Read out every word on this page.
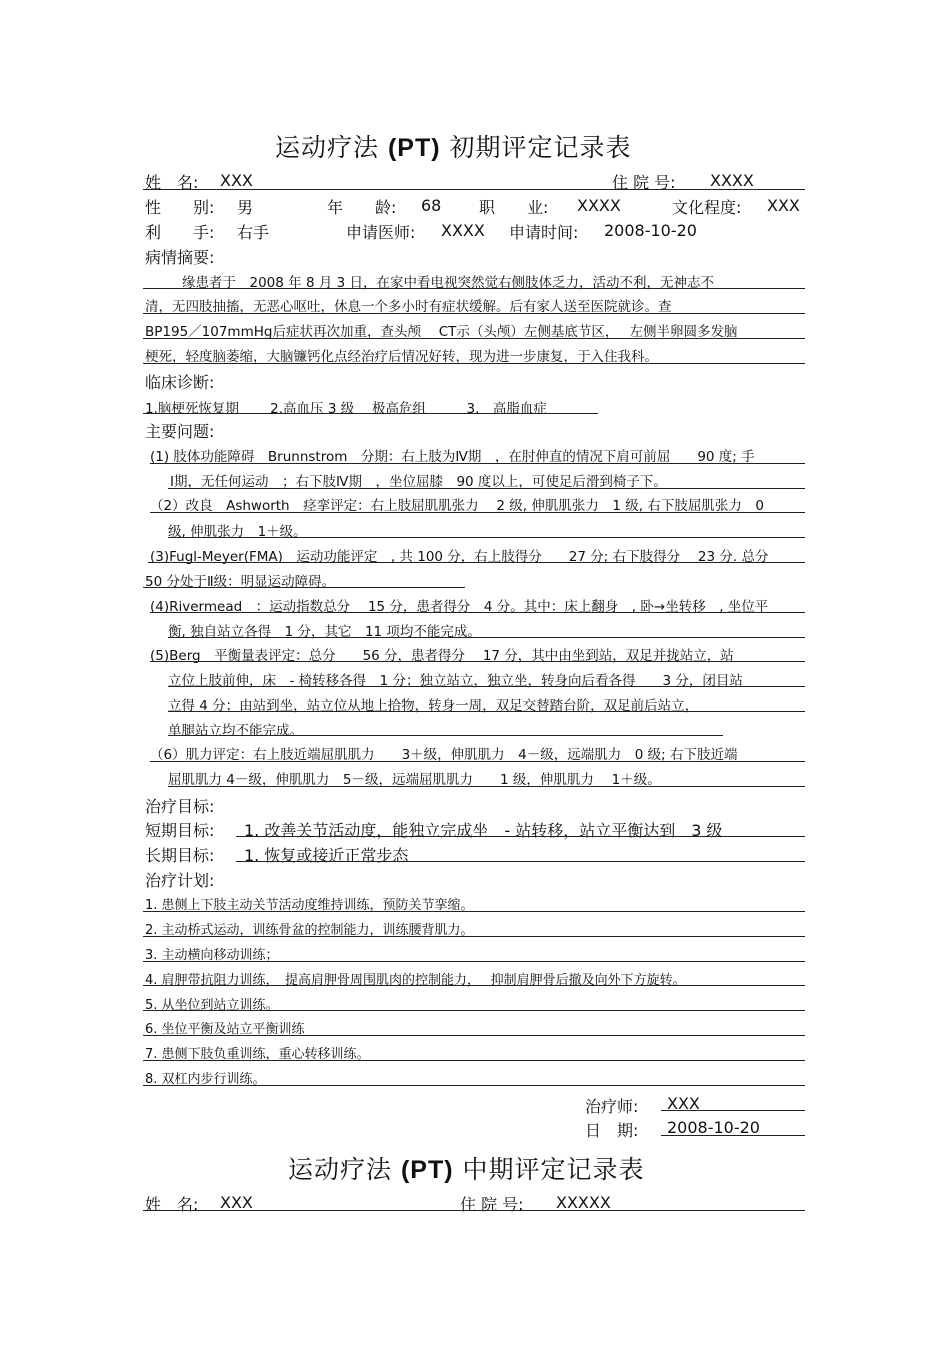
运动疗法 (PT) 初期评定记录表
姓　名: XXX	住 院 号: XXXX
性　　别: 男	年　　龄: 68 职　　业: XXXX	文化程度: XXX
利　　手: 右手	申请医师: XXXX 申请时间: 2008-10-20
病情摘要:
缘患者于　2008 年 8 月 3 日，在家中看电视突然觉右侧肢体乏力，活动不利，无神志不
清，无四肢抽搐，无恶心呕吐，休息一个多小时有症状缓解。后有家人送至医院就诊。查
BP195／107mmHg后症状再次加重，查头颅　 CT示（头颅）左侧基底节区，　 左侧半卵圆多发脑
梗死，轻度脑萎缩，大脑镰钙化点经治疗后情况好转，现为进一步康复，于入住我科。
临床诊断:
1.脑梗死恢复期　　 2.高血压 3 级　 极高危组　　　3.　高脂血症
主要问题:
(1) 肢体功能障碍　Brunnstrom　分期：右上肢为Ⅳ期　，在肘伸直的情况下肩可前屈　　90 度; 手
Ⅰ期，无任何运动　；右下肢Ⅳ期　，坐位屈膝　90 度以上，可使足后滑到椅子下。
（2）改良　Ashworth　痉挛评定：右上肢屈肌肌张力　 2 级, 伸肌肌张力　1 级, 右下肢屈肌张力　0
级, 伸肌张力　1＋级。
(3)Fugl-Meyer(FMA)　运动功能评定　, 共 100 分，右上肢得分　　27 分; 右下肢得分　 23 分. 总分
50 分处于Ⅱ级：明显运动障碍。
(4)Rivermead　：运动指数总分　 15 分，患者得分　4 分。其中：床上翻身　, 卧→坐转移　, 坐位平
衡, 独自站立各得　1 分，其它　11 项均不能完成。
(5)Berg　平衡量表评定：总分　　56 分，患者得分　 17 分，其中由坐到站，双足并拢站立，站
立位上肢前伸，床　- 椅转移各得　1 分；独立站立，独立坐，转身向后看各得　　3 分，闭目站
立得 4 分；由站到坐，站立位从地上拾物，转身一周，双足交替踏台阶，双足前后站立，
单腿站立均不能完成。
（6）肌力评定：右上肢近端屈肌肌力　　3＋级，伸肌肌力　4－级，远端肌力　0 级; 右下肢近端
屈肌肌力 4－级，伸肌肌力　5－级，远端屈肌肌力　　1 级，伸肌肌力　 1＋级。
治疗目标:
短期目标: 1. 改善关节活动度，能独立完成坐　- 站转移，站立平衡达到　3 级
长期目标: 1. 恢复或接近正常步态
治疗计划:
1. 患侧上下肢主动关节活动度维持训练，预防关节挛缩。
2. 主动桥式运动，训练骨盆的控制能力，训练腰背肌力。
3. 主动横向移动训练；
4. 肩胛带抗阻力训练，　提高肩胛骨周围肌肉的控制能力，　 抑制肩胛骨后撤及向外下方旋转。
5. 从坐位到站立训练。
6. 坐位平衡及站立平衡训练
7. 患侧下肢负重训练，重心转移训练。
8. 双杠内步行训练。
治疗师: XXX
日　期: 2008-10-20
运动疗法 (PT) 中期评定记录表
姓　名: XXX	住 院 号: XXXXX
